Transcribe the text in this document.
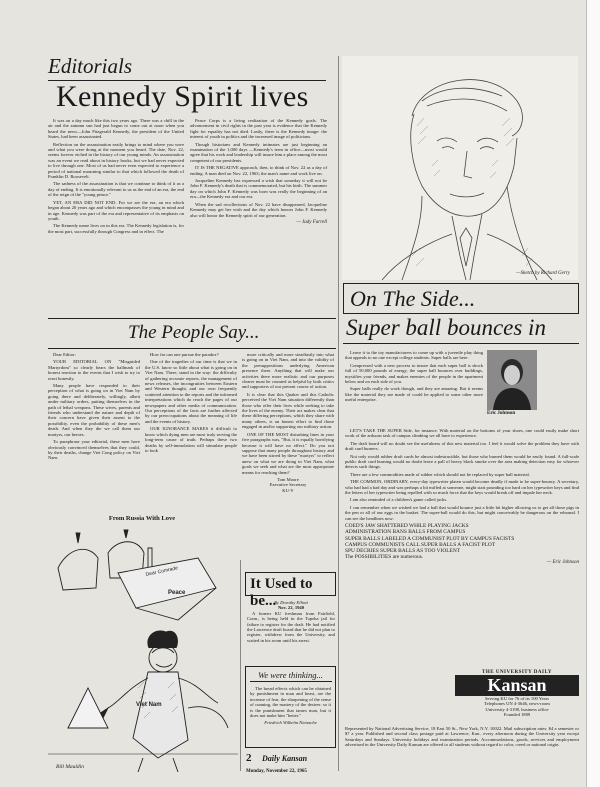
Editorials
Kennedy Spirit lives

It was on a day much like this two years ago. There was a chill in the air and the autumn sun had just begun to come out at noon when you heard the news—John Fitzgerald Kennedy, the president of the United States, had been assassinated.

Reflection on the assassination easily brings to mind where you were and what you were doing at the moment you heard. The date, Nov. 22, seems forever etched in the history of our young minds. An assassination was an event we read about in history books, but we had never expected to live through one. Most of us had never even expected to experience a period of national mourning similar to that which followed the death of Franklin D. Roosevelt.

The sadness of the assassination is that we continue to think of it as a day of ending. It is emotionally relevant to us as the end of an era, the end of the reign of the "young prince."

YET, AN ERA DID NOT END. For we are the era, an era which began about 20 years ago and which encompasses the young in mind and in age. Kennedy was part of the era and representative of its emphasis on youth.

The Kennedy name lives on in this era. The Kennedy legislation is, for the most part, successfully through Congress and in effect. The

Peace Corps is a living realization of the Kennedy goals. The advancement in civil rights in the past year is evidence that the Kennedy fight for equality has not died. Lastly, there is the Kennedy image: the interest of youth in politics and the increased image of politicians.

Though historians and Kennedy intimates are just beginning an examination of the 1,000 days —Kennedy's term in office—most would agree that his work and leadership will insure him a place among the most competent of our presidents.

IT IS THE NEGATIVE approach, then, to think of Nov. 22 as a day of ending. A man died on Nov. 22, 1963; the man's name and work live on.

Jacqueline Kennedy has expressed a wish that someday it will not be John F. Kennedy's death that is commemorated, but his birth. The summer day on which John F. Kennedy was born was really the beginning of an era—the Kennedy era and our era.

When the sad recollections of Nov. 22 have disappeared, Jacqueline Kennedy may get her wish and the day which honors John F. Kennedy also will honor the Kennedy spirit of our generation.

— Judy Farrell
—Sketch by Richard Gerry
On The Side...
Super ball bounces in
Eric Johnson

Leave it to the toy manufacturers to come up with a juvenile play thing that appeals to no one except college students. Super balls are here.

Compressed with a new process to insure that each super ball is shock full of 50,000 pounds of energy, the super ball bounces over buildings, mystifies your friends, and makes enemies of the people in the apartment below and on each side of you.

Super balls really do work though, and they are amazing. But it seems like the material they are made of could be applied to some other more useful enterprise.

LET'S TAKE THE SUPER Side, for instance. With material on the bottoms of your shoes, one could easily make short work of the arduous task of campus climbing we all have to experience.

The draft board will no doubt see the usefulness of this new material too. I feel it would solve the problem they have with draft card burners.

Not only would rubber draft cards be almost indestructible, but those who burned them would be easily found. A full-scale public draft card burning would no doubt leave a pall of heavy black smoke over the area making detection easy for whoever detects such things.

There are a few commodities made of rubber which should not be replaced by super ball material.

THE COMMON, ORDINARY, every-day typewriter platen would become deadly if made to be super-bouncy. A secretary, who had had a bad day and was perhaps a bit miffed at someone, might start pounding too hard on her typewriter keys and find the letters of her typewriter being repelled with so much force that the keys would break off and impale her neck.

I am also reminded of a children's game called jacks.

I can remember when we wished we had a ball that would bounce just a little bit higher allowing us to get all those pigs in the pen or all of our eggs in the basket. The super-ball would do this, but might conceivably be dangerous on the rebound. I can see the headlines now:

COED'S JAW SHATTERED WHILE PLAYING JACKS
ADMINISTRATION BANS BALLS FROM CAMPUS
SUPER BALLS LABELED A COMMUNIST PLOT BY CAMPUS FACISTS
CAMPUS COMMUNISTS CALL SUPER BALLS A FACIST PLOT
SPU DECRIES SUPER BALLS AS TOO VIOLENT
The POSSIBILITIES are numerous.
— Eric Johnson
The People Say...

Dear Editor:

YOUR EDITORIAL ON "Misguided Martyrdom" so clearly bears the hallmark of honest reaction to the events that I wish to try to react honestly.

Many people have responded to their perception of what is going on in Viet Nam by going there and deliberately, willingly, albeit under military orders, putting themselves in the path of lethal weapons. These wives, parents and friends who understand the nature and depth of their concern have given their assent to the possibility, even the probability of these men's death. And when they die we call them our martyrs, our heroes.

To paraphrase your editorial, these men have obviously convinced themselves that they could, by their deaths, change Viet Cong policy on Viet Nam.

How far can one pursue the paradox?

One of the tragedies of our time is that we in the U.S. know so little about what is going on in Viet Nam. There, stand in the way: the difficulty of gathering accurate reports, the management of news releases, the incongruities between Eastern and Western thought, and our own frequently scattered attention to the reports and the informed interpretations which do reach the pages of our newspapers and other media of communication. Our perceptions of the facts are further affected by our preoccupations about the meaning of life and the events of history.

OUR IGNORANCE MAKES it difficult to know which dying men are most truly serving the long-term cause of truth. Perhaps these two deaths by self-immolation will stimulate people to look

more critically and more steadfastly into what is going on in Viet Nam, and into the validity of the presuppositions underlying American presence there. Anything that will make our activities there more realistic and our purposes clearer must be counted as helpful by both critics and supporters of our present course of action.

It is clear that this Quaker and this Catholic perceived the Viet Nam situation differently than those who offer their lives while seeking to take the lives of the enemy. Their act makes clear that these differing perceptions, which they share with many others, is an honest effort to find those engaged in and/or supporting our military action.

ONE OF THE MOST disturbing lines in your five paragraphs was, "But, it is equally horrifying because it will have no effect." Do you not suppose that many people throughout history and we have been stirred by these "martyrs" to reflect anew on what we are doing in Viet Nam, what goals we seek and what are the most appropriate means for reaching them?

Tom Moore
Executive Secretary
KU-Y
From Russia With Love
Dear Comrade
Viet Nam
Peace
Bill Mauldin
It Used to be...
By Dorothy Elliott
Nov. 22, 1940

A former KU freshman from Fairfield, Conn., is being held in the Topeka jail for failure to register for the draft. He had notified the Lawrence draft board that he did not plan to register, withdrew from the University, and waited in his room until his arrest.

We were thinking...

The bread effects which can be obtained by punishment in man and beast, are the increase of fear, the sharpening of the sense of cunning, the mastery of the desires: so it is the punishment that tames man, but it does not make him "better."

Friedrich Wilhelm Nietzsche
THE UNIVERSITY DAILY
Kansan
Serving KU for 76 of its 100 Years
Telephones UN 4-3646, news-room
University 4-3198, business office
Founded 1889

Represented by National Advertising Service, 18 East 50 St., New York, N.Y. 10022. Mail subscription rates: $4 a semester or $7 a year. Published and second class postage paid at Lawrence, Kan., every afternoon during the University year except Saturdays and Sundays. University holidays and examination periods. Accommodations, goods, services and employment advertised in the University Daily Kansan are offered to all students without regard to color, creed or national origin.

2 Daily Kansan
Monday, November 22, 1965
